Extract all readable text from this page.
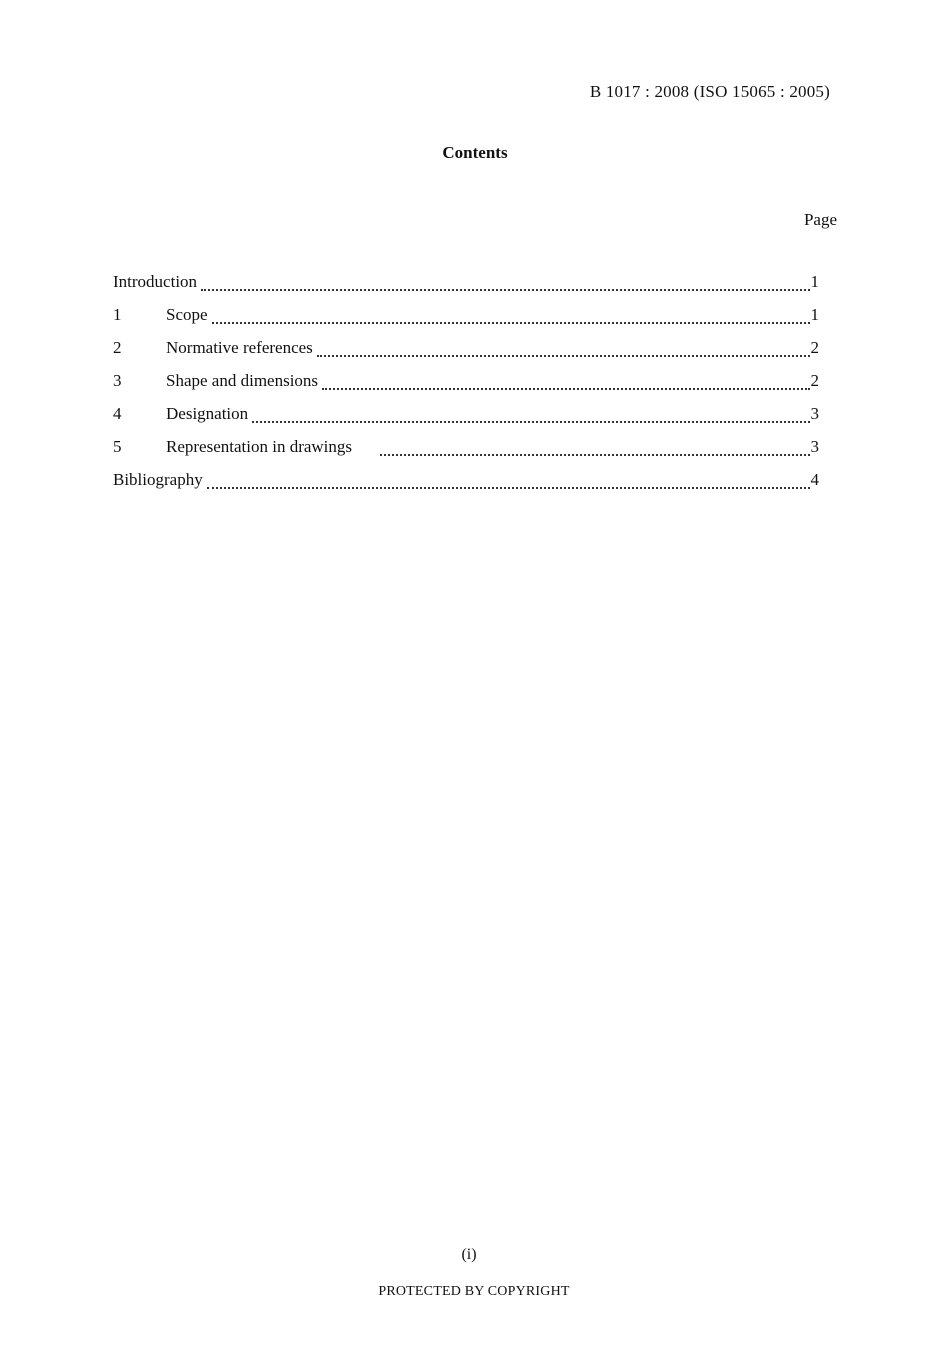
B 1017 : 2008 (ISO 15065 : 2005)
Contents
Page
Introduction	1
1	Scope	1
2	Normative references	2
3	Shape and dimensions	2
4	Designation	3
5	Representation in drawings	3
Bibliography	4
(i)
PROTECTED BY COPYRIGHT
